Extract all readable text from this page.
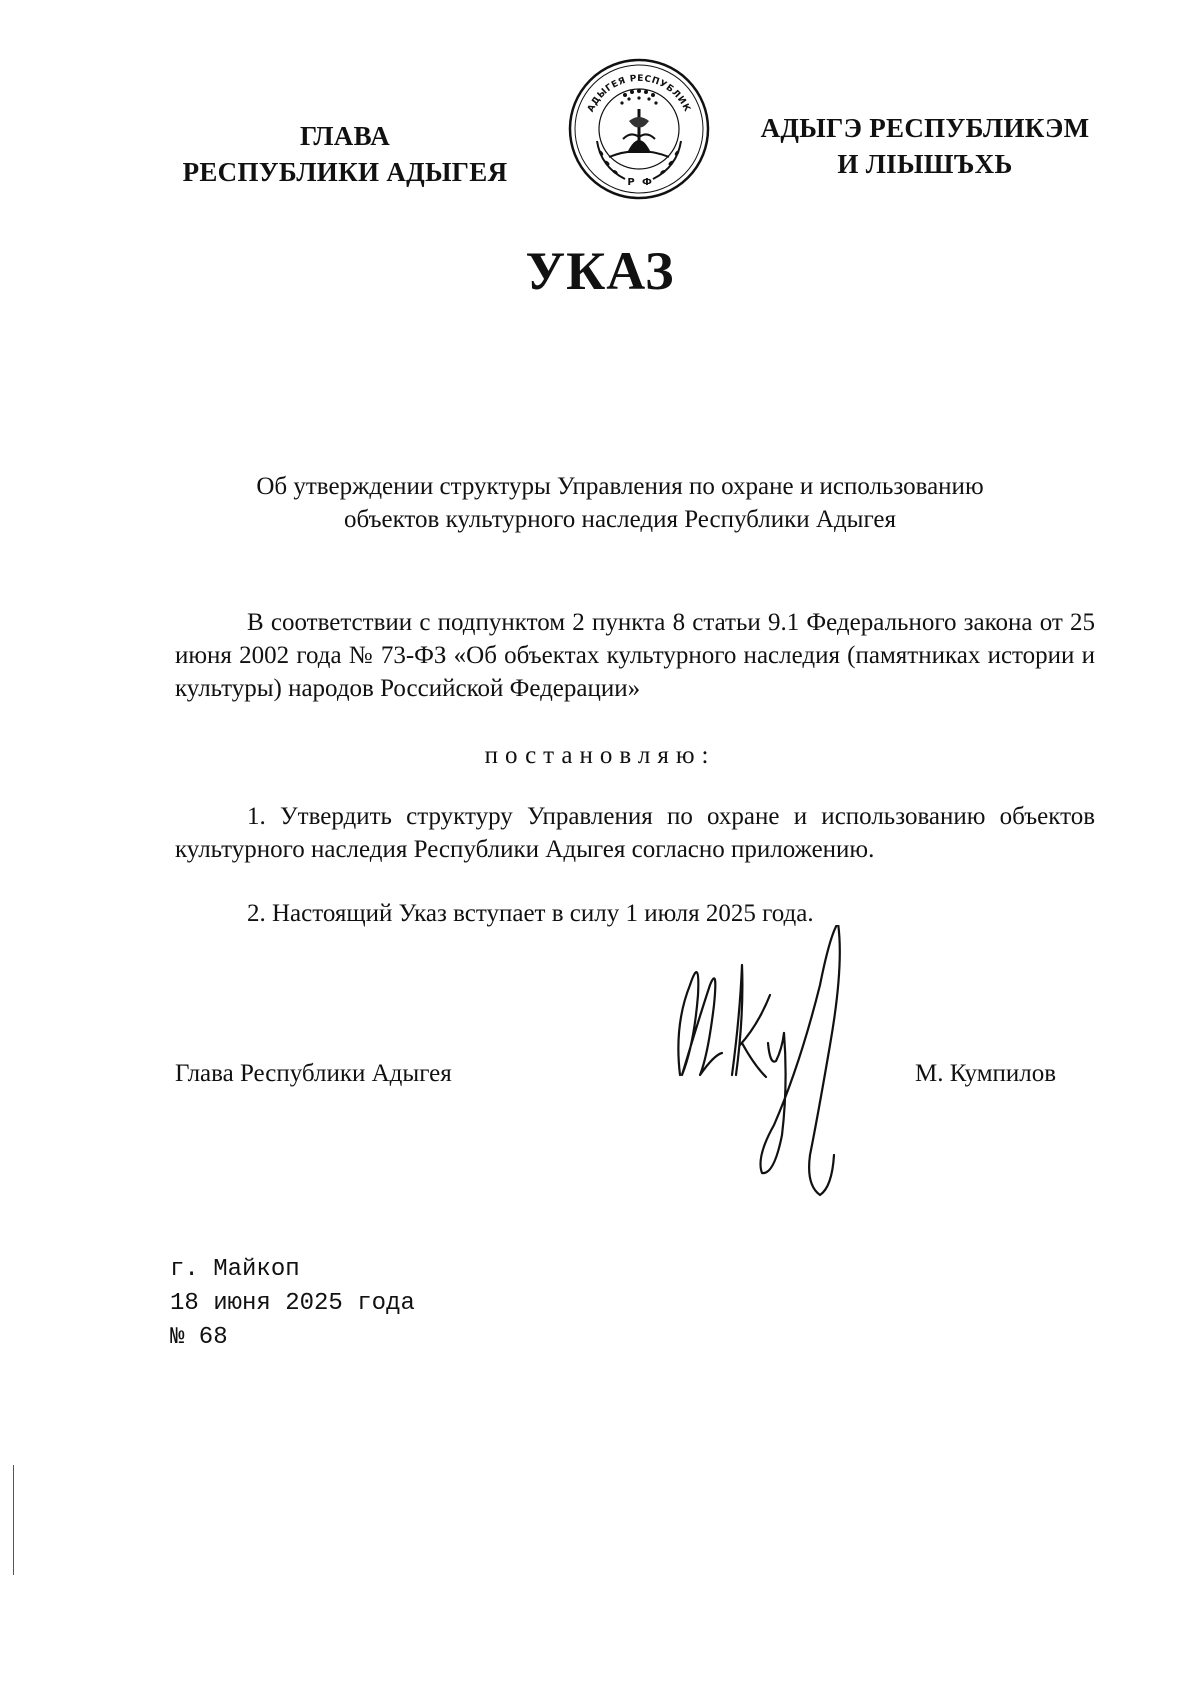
ГЛАВА
РЕСПУБЛИКИ АДЫГЕЯ
АДЫГЕЯ РЕСПУБЛИК
Р Ф
АДЫГЭ РЕСПУБЛИКЭМ
И ЛIЫШЪХЬ
УКАЗ
Об утверждении структуры Управления по охране и использованию
объектов культурного наследия Республики Адыгея
В соответствии с подпунктом 2 пункта 8 статьи 9.1 Федерального закона от 25 июня 2002 года № 73-ФЗ «Об объектах культурного наследия (памятниках истории и культуры) народов Российской Федерации»
постановляю:
1. Утвердить структуру Управления по охране и использованию объектов культурного наследия Республики Адыгея согласно приложению.
2. Настоящий Указ вступает в силу 1 июля 2025 года.
Глава Республики Адыгея	М. Кумпилов
г. Майкоп
18 июня 2025 года
№ 68
